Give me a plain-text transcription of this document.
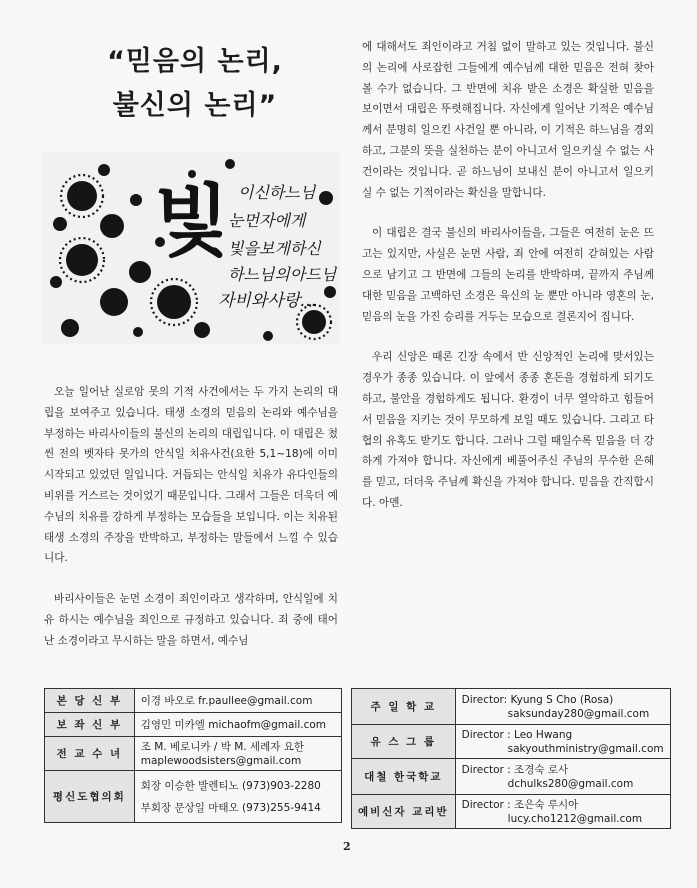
“믿음의 논리,
불신의 논리”
빛 이신하느님
눈먼자에게
빛을보게하신
하느님의아드님
자비와사랑…

오늘 일어난 실로암 못의 기적 사건에서는 두 가지 논리의 대립을 보여주고 있습니다. 태생 소경의 믿음의 논리와 예수님을 부정하는 바리사이들의 불신의 논리의 대립입니다. 이 대립은 첬씬 전의 벳자타 못가의 안식일 치유사건(요한 5,1~18)에 이미 시작되고 있었던 일입니다. 거듭되는 안식일 치유가 유다인들의 비위를 거스르는 것이었기 때문입니다. 그래서 그들은 더욱더 예수님의 치유를 강하게 부정하는 모습들을 보입니다. 이는 치유된 태생 소경의 주장을 반박하고, 부정하는 말들에서 느낄 수 있습니다.

바리사이들은 눈먼 소경이 죄인이라고 생각하며, 안식일에 치유 하시는 예수님을 죄인으로 규정하고 있습니다. 죄 중에 태어난 소경이라고 무시하는 말을 하면서, 예수님

에 대해서도 죄인이라고 거침 없이 말하고 있는 것입니다. 불신의 논리에 사로잡힌 그들에게 예수님께 대한 믿음은 전혀 찾아볼 수가 없습니다. 그 반면에 치유 받은 소경은 확실한 믿음을 보이면서 대립은 뚜렷해집니다. 자신에게 일어난 기적은 예수님께서 분명히 일으킨 사건일 뿐 아니라, 이 기적은 하느님을 경외하고, 그분의 뜻을 실천하는 분이 아니고서 일으키실 수 없는 사건이라는 것입니다. 곧 하느님이 보내신 분이 아니고서 일으키실 수 없는 기적이라는 확신을 말합니다.

이 대립은 결국 불신의 바리사이들을, 그들은 여전히 눈은 뜨고는 있지만, 사실은 눈먼 사람, 죄 안에 여전히 갇혀있는 사람으로 남기고 그 반면에 그들의 논리를 반박하며, 끝까지 주님께 대한 믿음을 고백하던 소경은 육신의 눈 뿐만 아니라 영혼의 눈, 믿음의 눈을 가진 승리를 거두는 모습으로 결론지어 집니다.

우리 신앙은 때론 긴장 속에서 반 신앙적인 논리에 맞서있는 경우가 종종 있습니다. 이 앞에서 종종 혼돈을 경험하게 되기도 하고, 불안을 경험하게도 됩니다. 환경이 너무 열악하고 힘들어서 믿음을 지키는 것이 무모하게 보일 때도 있습니다. 그리고 타협의 유혹도 받기도 합니다. 그러나 그럴 때일수록 믿음을 더 강하게 가져야 합니다. 자신에게 베풀어주신 주님의 무수한 은혜를 믿고, 더더욱 주님께 확신을 가져야 합니다. 믿음을 간직합시다. 아멘.

본 당 신 부	이경 바오로 fr.paullee@gmail.com
보 좌 신 부	김영민 미카엘 michaofm@gmail.com
전 교 수 녀	조 M. 베로니카 / 박 M. 세례자 요한
maplewoodsisters@gmail.com

평신도협의회	회장 이승한 발렌티노 (973)903-2280
부회장 문상일 마태오 (973)255-9414
주 일 학 교	Director: Kyung S Cho (Rosa)
saksunday280@gmail.com

유 스 그 룹	Director : Leo Hwang
sakyouthministry@gmail.com

대철 한국학교	Director : 조경숙 로사
dchulks280@gmail.com

예비신자 교리반	Director : 조은숙 루시아
lucy.cho1212@gmail.com
2
